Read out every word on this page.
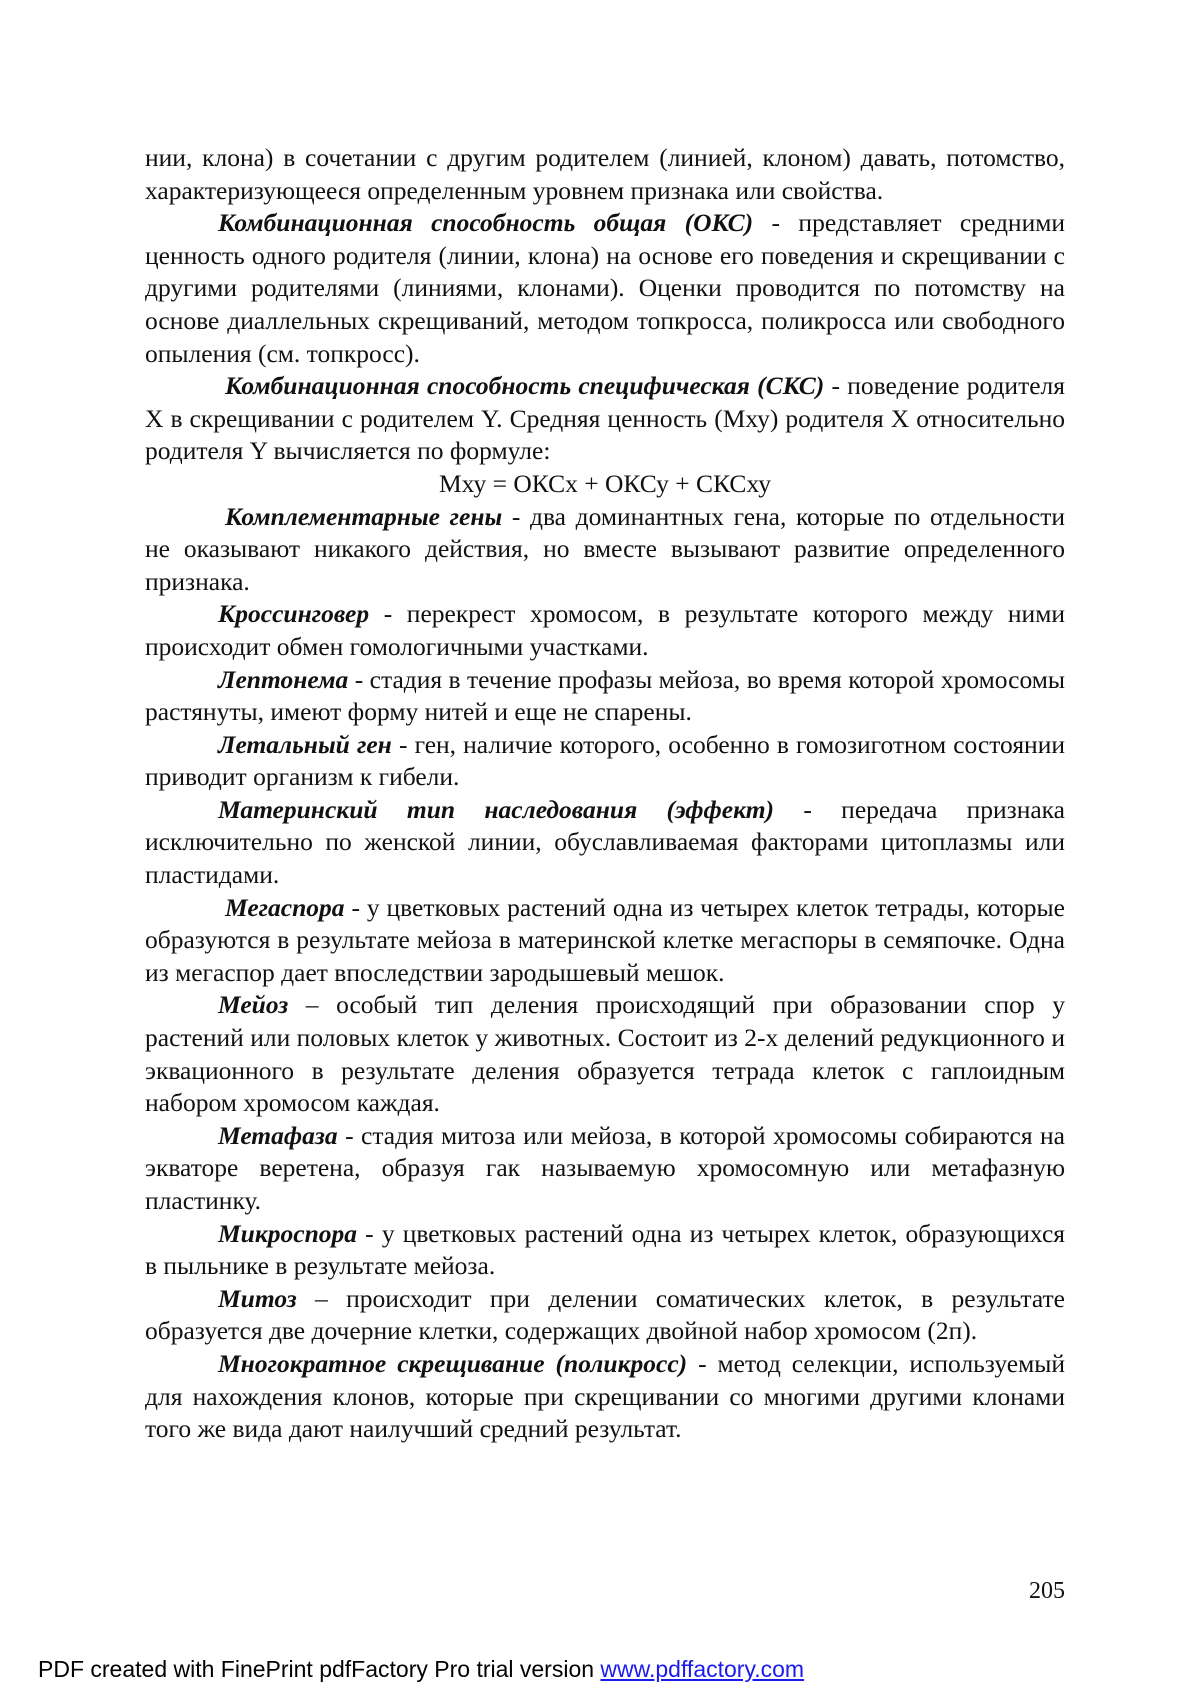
нии, клона) в сочетании с другим родителем (линией, клоном) давать, потомство, характеризующееся определенным уровнем признака или свойства.

Комбинационная способность общая (ОКС) - представляет средними ценность одного родителя (линии, клона) на основе его поведения и скрещивании с другими родителями (линиями, клонами). Оценки проводится по потомству на основе диаллельных скрещиваний, методом топкросса, поликросса или свободного опыления (см. топкросс).

Комбинационная способность специфическая (СКС) - поведение родителя X в скрещивании с родителем Y. Средняя ценность (Мху) родителя X относительно родителя Y вычисляется по формуле:

Мху = ОКСх + ОКСу + СКСху

Комплементарные гены - два доминантных гена, которые по отдельности не оказывают никакого действия, но вместе вызывают развитие определенного признака.

Кроссинговер - перекрест хромосом, в результате которого между ними происходит обмен гомологичными участками.

Лептонема - стадия в течение профазы мейоза, во время которой хромосомы растянуты, имеют форму нитей и еще не спарены.

Летальный ген - ген, наличие которого, особенно в гомозиготном состоянии приводит организм к гибели.

Материнский тип наследования (эффект) - передача признака исключительно по женской линии, обуславливаемая факторами цитоплазмы или пластидами.

Мегаспора - у цветковых растений одна из четырех клеток тетрады, которые образуются в результате мейоза в материнской клетке мегаспоры в семяпочке. Одна из мегаспор дает впоследствии зародышевый мешок.

Мейоз – особый тип деления происходящий при образовании спор у растений или половых клеток у животных. Состоит из 2-х делений редукционного и эквационного в результате деления образуется тетрада клеток с гаплоидным набором хромосом каждая.

Метафаза - стадия митоза или мейоза, в которой хромосомы собираются на экваторе веретена, образуя гак называемую хромосомную или метафазную пластинку.

Микроспора - у цветковых растений одна из четырех клеток, образующихся в пыльнике в результате мейоза.

Митоз – происходит при делении соматических клеток, в результате образуется две дочерние клетки, содержащих двойной набор хромосом (2п).

Многократное скрещивание (поликросс) - метод селекции, используемый для нахождения клонов, которые при скрещивании со многими другими клонами того же вида дают наилучший средний результат.

205
PDF created with FinePrint pdfFactory Pro trial version www.pdffactory.com
